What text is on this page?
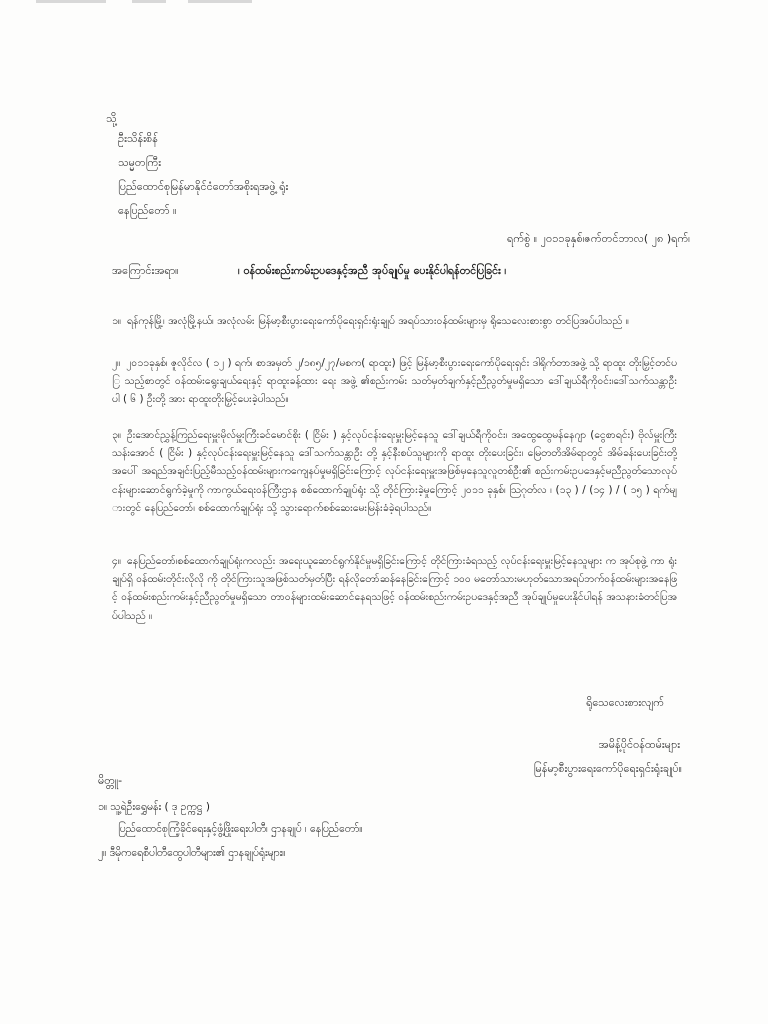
သို့
ဦးသိန်းစိန်
သမ္မတကြီး
ပြည်ထောင်စုမြန်မာနိုင်ငံတော်အစိုးရအဖွဲ့ ရုံး
နေပြည်တော် ။
ရက်စွဲ ။ ၂၀၁၁ခုနှစ်၊ဇက်တင်ဘာလ( ၂၈ )ရက်၊
အကြောင်းအရာ။	၊ ဝန်ထမ်းစည်းကမ်းဥပဒေနှင့်အညီ အုပ်ချုပ်မှု ပေးနိုင်ပါရန်တင်ပြခြင်း ၊
၁။ ရန်ကုန်မြို့၊ အလုံမြို့နယ်၊ အလုံလမ်း မြန်မာ့စီးပွားရေးကော်ပိုရေးရှင်းရုံးချုပ် အရပ်သားဝန်ထမ်းများမှ ရိုသေလေးစားစွာ တင်ပြအပ်ပါသည် ။
၂။ ၂၀၁၁ခုနှစ်၊ ဇူလိုင်လ ( ၁၂ ) ရက်၊ စာအမှတ် ၂/၁၈၅/၂၇/မစက( ရာထူး) ဖြင့် မြန်မာ့စီးပွားရေးကော်ပိုရေးရှင်း ဒါရိုက်တာအဖွဲ့ သို့ ရာထူး တိုးမြှင့်တင်ပြ သည့်စာတွင် ဝန်ထမ်းရွေးချယ်ရေးနှင့် ရာထူးခန့်ထား ရေး အဖွဲ့ ၏စည်းကမ်း သတ်မှတ်ချက်နှင့်ညီညွတ်မှုမရှိသော ဒေါ်ချယ်ရီကိုဝင်း၊ဒေါ်သက်သန္တာဦး ပါ ( ၆ ) ဦးတို့ အား ရာထူးတိုးမြှင့်ပေးခဲ့ပါသည်။
၃။ ဦးအောင်ညွှန့်ကြည်ရေးမှူးမိုလ်မှူးကြီးခင်မောင်စိုး ( ငြိမ်း ) နှင့်လုပ်ငန်းရေးမှူးမြင့်နေသူ ဒေါ်ချယ်ရီကိုဝင်း၊ အထွေထွေမန်နေဂျာ (ငွေစာရင်း) ဗိုလ်မှူးကြီးသန်းအောင် ( ငြိမ်း ) နှင့်လုပ်ငန်းရေးမှူးမြင့်နေသူ ဒေါ်သက်သန္တာဦး တို့ နှင့်နီးစပ်သူများကို ရာထူး တိုးပေးခြင်း၊ မြေတတိအိမ်ရာတွင် အိမ်ခန်းပေးခြင်းတို့ အပေါ် အရည်အချင်းပြည့်မီသည့်ဝန်ထမ်းများကကျေနပ်မှုမရှိခြင်းကြောင့် လုပ်ငန်းရေးမှူးအဖြစ်မှနေသူလူတစ်ဦး၏ စည်းကမ်းဥပဒေနှင့်မညီညွတ်သောလုပ်ငန်းများဆောင်ရွက်ခဲ့မှုကို ကာကွယ်ရေးဝန်ကြီးဌာန စစ်ထောက်ချုပ်ရုံး သို့ တိုင်ကြားခဲ့မှုကြောင့် ၂၀၁၁ ခုနှစ်၊ ဩဂုတ်လ ၊ (၁၃ ) / (၁၄ ) / ( ၁၅ ) ရက်များတွင် နေပြည်တော်၊ စစ်ထောက်ချုပ်ရုံး သို့ သွားရောက်စစ်ဆေးမေးမြန်းခံခဲ့ရပါသည်။
၄။ နေပြည်တော်၊စစ်ထောက်ချုပ်ရုံးကလည်း အရေးယူဆောင်ရွက်နိုင်မှုမရှိခြင်းကြောင့် တိုင်ကြားခံရသည့် လုပ်ငန်းရေးမှူးမြင့်နေသူများ က အုပ်စုဖွဲ့ ကာ ရုံးချုပ်ရှိ ဝန်ထမ်းတိုင်းလိုလို ကို တိုင်ကြားသူအဖြစ်သတ်မှတ်ပြီး ရန်လိုတော်ဆန်နေခြင်းကြောင့် ၁၀ဝ မတော်သားမဟုတ်သောအရပ်ဘက်ဝန်ထမ်းများအနေဖြင့် ဝန်ထမ်းစည်းကမ်းနှင့်ညီညွတ်မှုမရှိသော တာဝန်များထမ်းဆောင်နေရသဖြင့် ဝန်ထမ်းစည်းကမ်းဥပဒေနှင့်အညီ အုပ်ချုပ်မှုပေးနိုင်ပါရန် အသနားခံတင်ပြအပ်ပါသည် ။
ရိုသေလေးစားလျက်
အမိန့်ပိုင်ဝန်ထမ်းများ
မြန်မာ့စီးပွားရေးကော်ပိုရေးရှင်းရုံးချုပ်။
မိတ္တူ-
၁။ သူ့ရဲဦးရွှေမန်း ( ဒု ဥက္ကဋ္ဌ )
ပြည်ထောင်စုကြံ့ခိုင်ရေးနှင့်ဖွံ့ဖြိုးရေးပါတီ၊ ဌာနချုပ် ၊ နေပြည်တော်။
၂။ ဒီမိုကရေစီပါတီထွေပါတီများ၏ ဌာနချုပ်ရုံးများ။
